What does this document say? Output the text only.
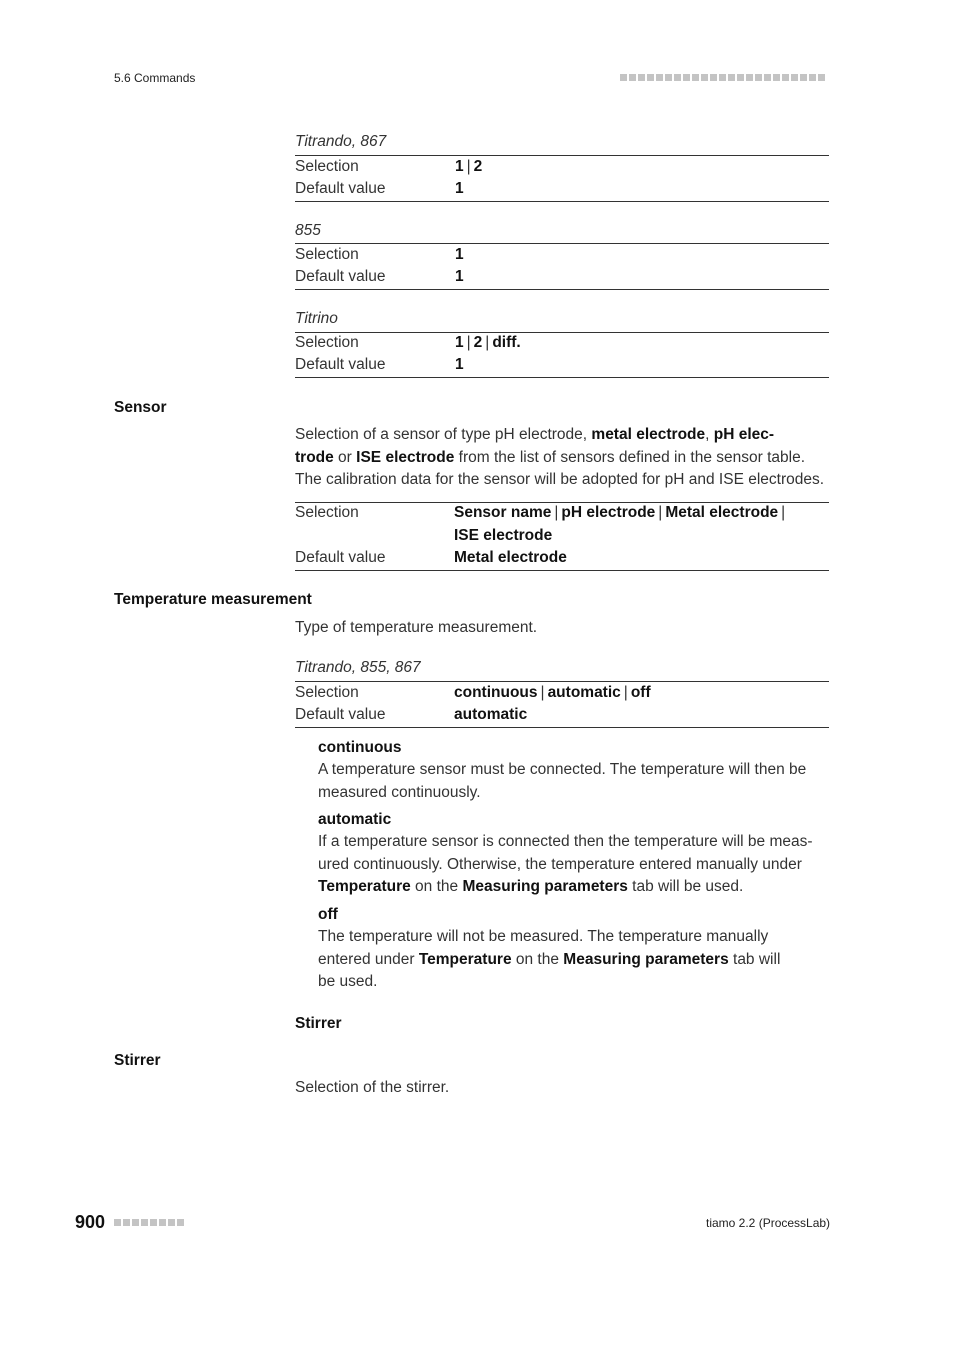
5.6 Commands
Titrando, 867
Selection	1 | 2
Default value	1
855
Selection	1
Default value	1
Titrino
Selection	1 | 2 | diff.
Default value	1
Sensor
Selection of a sensor of type pH electrode, metal electrode, pH elec-
trode or ISE electrode from the list of sensors defined in the sensor table.
The calibration data for the sensor will be adopted for pH and ISE electrodes.
Selection	Sensor name | pH electrode | Metal electrode |
ISE electrode
Default value	Metal electrode
Temperature measurement
Type of temperature measurement.
Titrando, 855, 867
Selection	continuous | automatic | off
Default value	automatic
continuous
A temperature sensor must be connected. The temperature will then be
measured continuously.
automatic
If a temperature sensor is connected then the temperature will be meas-
ured continuously. Otherwise, the temperature entered manually under
Temperature on the Measuring parameters tab will be used.
off
The temperature will not be measured. The temperature manually
entered under Temperature on the Measuring parameters tab will
be used.
Stirrer
Stirrer
Selection of the stirrer.
900	tiamo 2.2 (ProcessLab)
